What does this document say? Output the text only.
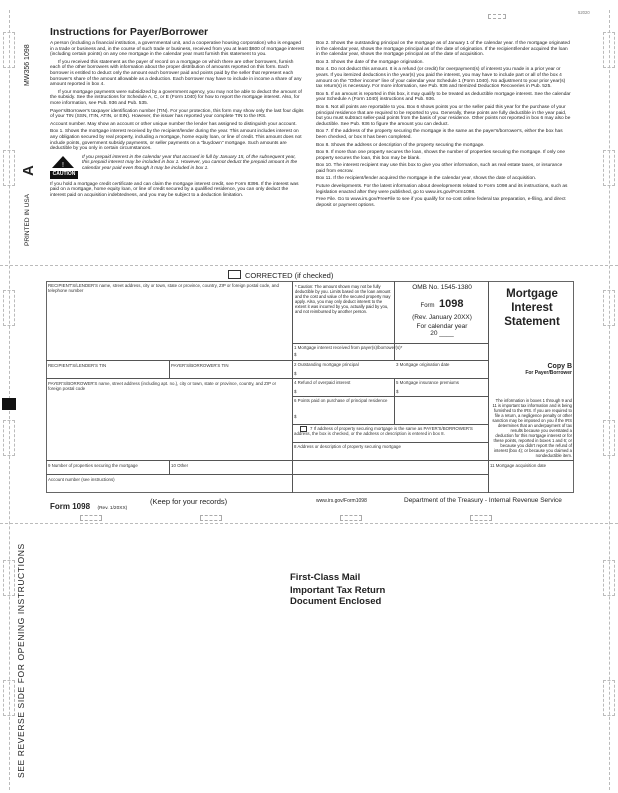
52020
MW356 1098
A
PRINTED IN USA
SEE REVERSE SIDE FOR OPENING INSTRUCTIONS
Instructions for Payer/Borrower

A person (including a financial institution, a governmental unit, and a cooperative housing corporation) who is engaged in a trade or business and, in the course of such trade or business, received from you at least $600 of mortgage interest (including certain points) on any one mortgage in the calendar year must furnish this statement to you.

If you received this statement as the payer of record on a mortgage on which there are other borrowers, furnish each of the other borrowers with information about the proper distribution of amounts reported on this form. Each borrower is entitled to deduct only the amount each borrower paid and points paid by the seller that represent each borrower's share of the amount allowable as a deduction. Each borrower may have to include in income a share of any amount reported in box 4.

If your mortgage payments were subsidized by a government agency, you may not be able to deduct the amount of the subsidy. See the instructions for Schedule A, C, or E (Form 1040) for how to report the mortgage interest. Also, for more information, see Pub. 936 and Pub. 535.

Payer's/Borrower's taxpayer identification number (TIN). For your protection, this form may show only the last four digits of your TIN (SSN, ITIN, ATIN, or EIN). However, the issuer has reported your complete TIN to the IRS.

Account number. May show an account or other unique number the lender has assigned to distinguish your account.

Box 1. Shows the mortgage interest received by the recipient/lender during the year. This amount includes interest on any obligation secured by real property, including a mortgage, home equity loan, or line of credit. This amount does not include points, government subsidy payments, or seller payments on a "buydown" mortgage. Such amounts are deductible by you only in certain circumstances.

!
CAUTION

If you prepaid interest in the calendar year that accrued in full by January 15, of the subsequent year, this prepaid interest may be included in box 1. However, you cannot deduct the prepaid amount in the calendar year paid even though it may be included in box 1.

If you hold a mortgage credit certificate and can claim the mortgage interest credit, see Form 8396. If the interest was paid on a mortgage, home equity loan, or line of credit secured by a qualified residence, you can only deduct the interest paid on acquisition indebtedness, and you may be subject to a deduction limitation.

Box 2. Shows the outstanding principal on the mortgage as of January 1 of the calendar year. If the mortgage originated in the calendar year, shows the mortgage principal as of the date of origination. If the recipient/lender acquired the loan in the calendar year, shows the mortgage principal as of the date of acquisition.

Box 3. Shows the date of the mortgage origination.

Box 4. Do not deduct this amount. It is a refund (or credit) for overpayment(s) of interest you made in a prior year or years. If you itemized deductions in the year(s) you paid the interest, you may have to include part or all of the box 4 amount on the "Other income" line of your calendar year Schedule 1 (Form 1040). No adjustment to your prior year(s) tax return(s) is necessary. For more information, see Pub. 936 and Itemized Deduction Recoveries in Pub. 525.

Box 5. If an amount is reported in this box, it may qualify to be treated as deductible mortgage interest. See the calendar year Schedule A (Form 1040) instructions and Pub. 936.

Box 6. Not all points are reportable to you. Box 6 shows points you or the seller paid this year for the purchase of your principal residence that are required to be reported to you. Generally, these points are fully deductible in the year paid, but you must subtract seller-paid points from the basis of your residence. Other points not reported in box 6 may also be deductible. See Pub. 936 to figure the amount you can deduct.

Box 7. If the address of the property securing the mortgage is the same as the payer's/borrower's, either the box has been checked, or box 8 has been completed.

Box 8. Shows the address or description of the property securing the mortgage.

Box 9. If more than one property secures the loan, shows the number of properties securing the mortgage. If only one property secures the loan, this box may be blank.

Box 10. The interest recipient may use this box to give you other information, such as real estate taxes, or insurance paid from escrow.

Box 11. If the recipient/lender acquired the mortgage in the calendar year, shows the date of acquisition.

Future developments. For the latest information about developments related to Form 1098 and its instructions, such as legislation enacted after they were published, go to www.irs.gov/Form1098.

Free File. Go to www.irs.gov/FreeFile to see if you qualify for no-cost online federal tax preparation, e-filing, and direct deposit or payment options.

CORRECTED (if checked)
RECIPIENT'S/LENDER'S name, street address, city or town, state or province, country, ZIP or foreign postal code, and telephone number
* Caution: The amount shown may not be fully deductible by you. Limits based on the loan amount and the cost and value of the secured property may apply. Also, you may only deduct interest to the extent it was incurred by you, actually paid by you, and not reimbursed by another person.
OMB No. 1545-1380
Form 1098
(Rev. January 20XX)
For calendar year
20 ____
Mortgage Interest Statement
1 Mortgage interest received from payer(s)/borrower(s)*
$
Copy B
For Payer/Borrower
RECIPIENT'S/LENDER'S TIN	PAYER'S/BORROWER'S TIN	2 Outstanding mortgage principal	3 Mortgage origination date
$
PAYER'S/BORROWER'S name, street address (including apt. no.), city or town, state or province, country, and ZIP or foreign postal code
4 Refund of overpaid interest	5 Mortgage insurance premiums
$	$
6 Points paid on purchase of principal residence
$
7 If address of property securing mortgage is the same as PAYER'S/BORROWER'S address, the box is checked, or the address or description is entered in box 8.
8 Address or description of property securing mortgage
The information in boxes 1 through 9 and 11 is important tax information and is being furnished to the IRS. If you are required to file a return, a negligence penalty or other sanction may be imposed on you if the IRS determines that an underpayment of tax results because you overstated a deduction for this mortgage interest or for these points, reported in boxes 1 and 6; or because you didn't report the refund of interest (box 4); or because you claimed a nondeductible item.
9 Number of properties securing the mortgage	10 Other	11 Mortgage acquisition date
Account number (see instructions)
Form 1098 (Rev. 1/20XX)
(Keep for your records)	www.irs.gov/Form1098	Department of the Treasury - Internal Revenue Service
First-Class Mail
Important Tax Return
Document Enclosed
